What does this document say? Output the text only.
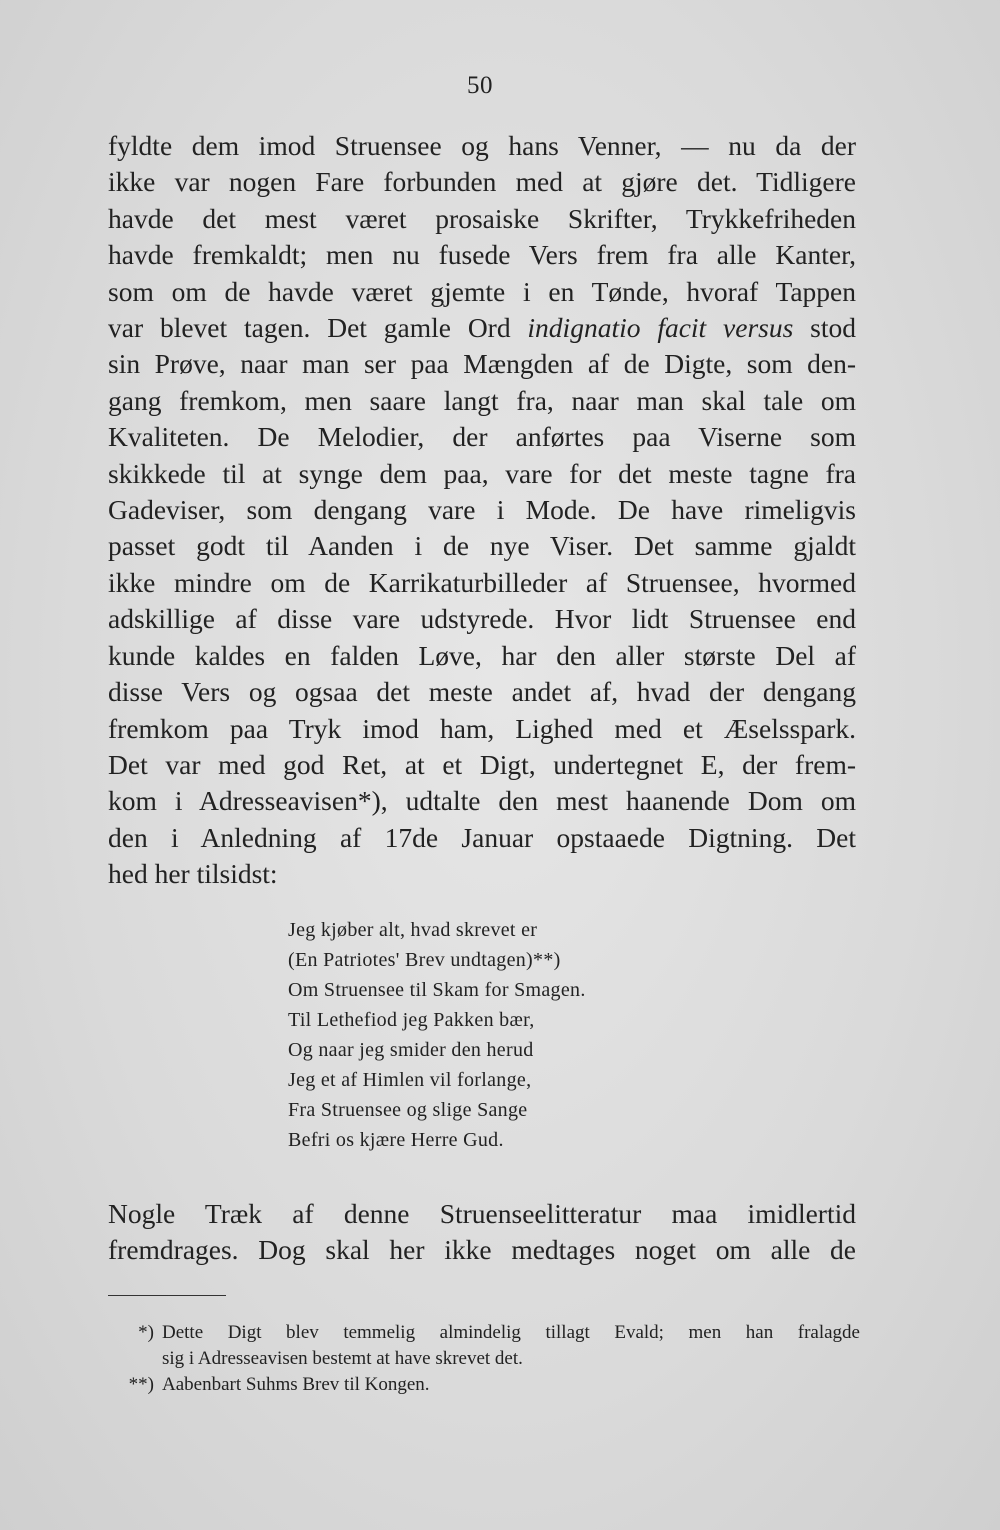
50
fyldte dem imod Struensee og hans Venner, — nu da der
ikke var nogen Fare forbunden med at gjøre det. Tidligere
havde det mest været prosaiske Skrifter, Trykkefriheden
havde fremkaldt; men nu fusede Vers frem fra alle Kanter,
som om de havde været gjemte i en Tønde, hvoraf Tappen
var blevet tagen. Det gamle Ord indignatio facit versus stod
sin Prøve, naar man ser paa Mængden af de Digte, som den-
gang fremkom, men saare langt fra, naar man skal tale om
Kvaliteten. De Melodier, der anførtes paa Viserne som
skikkede til at synge dem paa, vare for det meste tagne fra
Gadeviser, som dengang vare i Mode. De have rimeligvis
passet godt til Aanden i de nye Viser. Det samme gjaldt
ikke mindre om de Karrikaturbilleder af Struensee, hvormed
adskillige af disse vare udstyrede. Hvor lidt Struensee end
kunde kaldes en falden Løve, har den aller største Del af
disse Vers og ogsaa det meste andet af, hvad der dengang
fremkom paa Tryk imod ham, Lighed med et Æselsspark.
Det var med god Ret, at et Digt, undertegnet E, der frem-
kom i Adresseavisen*), udtalte den mest haanende Dom om
den i Anledning af 17de Januar opstaaede Digtning. Det
hed her tilsidst:
Jeg kjøber alt, hvad skrevet er
(En Patriotes' Brev undtagen)**)
Om Struensee til Skam for Smagen.
Til Lethefiod jeg Pakken bær,
Og naar jeg smider den herud
Jeg et af Himlen vil forlange,
Fra Struensee og slige Sange
Befri os kjære Herre Gud.
Nogle Træk af denne Struenseelitteratur maa imidlertid
fremdrages. Dog skal her ikke medtages noget om alle de
*) Dette Digt blev temmelig almindelig tillagt Evald; men han fralagde
sig i Adresseavisen bestemt at have skrevet det.
**) Aabenbart Suhms Brev til Kongen.
